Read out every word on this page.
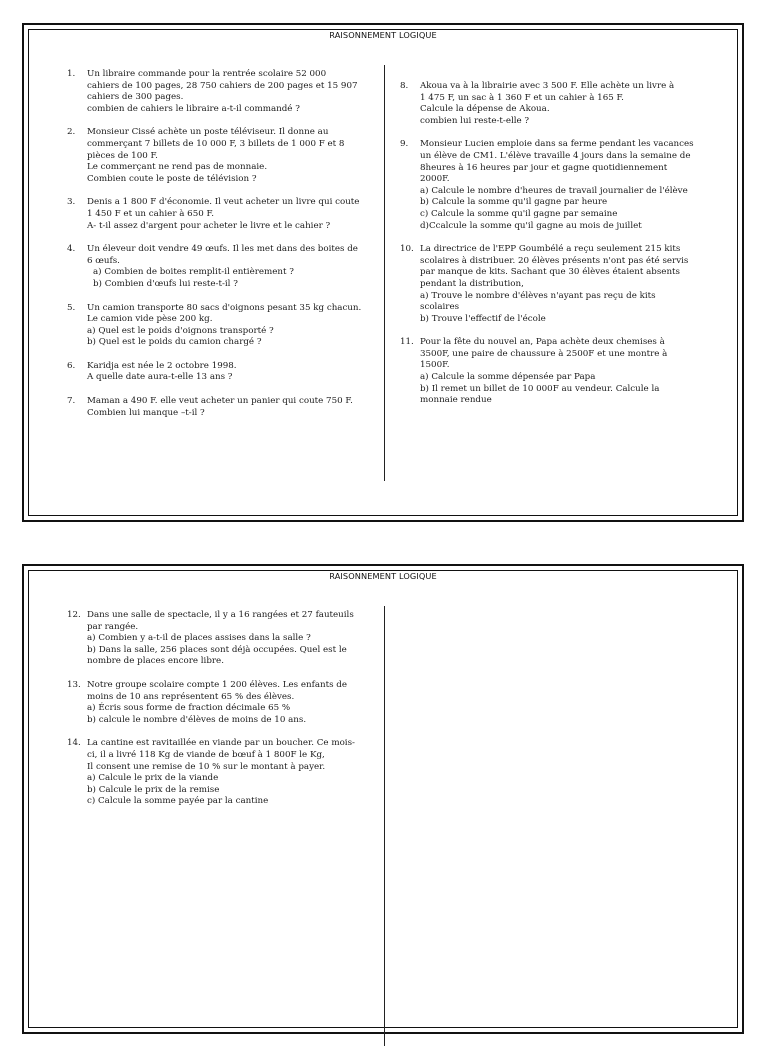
RAISONNEMENT LOGIQUE
1. Un libraire commande pour la rentrée scolaire 52 000
cahiers de 100 pages, 28 750 cahiers de 200 pages et 15 907
cahiers de 300 pages.
combien de cahiers le libraire a-t-il commandé ?
2. Monsieur Cissé achète un poste téléviseur. Il donne au
commerçant 7 billets de 10 000 F, 3 billets de 1 000 F et 8
pièces de 100 F.
Le commerçant ne rend pas de monnaie.
Combien coute le poste de télévision ?
3. Denis a 1 800 F d'économie. Il veut acheter un livre qui coute
1 450 F et un cahier à 650 F.
A- t-il assez d'argent pour acheter le livre et le cahier ?
4. Un éleveur doit vendre 49 œufs. Il les met dans des boites de
6 œufs.
a) Combien de boites remplit-il entièrement ?
b) Combien d'œufs lui reste-t-il ?
5. Un camion transporte 80 sacs d'oignons pesant 35 kg chacun.
Le camion vide pèse 200 kg.
a) Quel est le poids d'oignons transporté ?
b) Quel est le poids du camion chargé ?
6. Karidja est née le 2 octobre 1998.
A quelle date aura-t-elle 13 ans ?
7. Maman a 490 F. elle veut acheter un panier qui coute 750 F.
Combien lui manque –t-il ?
8. Akoua va à la librairie avec 3 500 F. Elle achète un livre à
1 475 F, un sac à 1 360 F et un cahier à 165 F.
Calcule la dépense de Akoua.
combien lui reste-t-elle ?
9. Monsieur Lucien emploie dans sa ferme pendant les vacances
un élève de CM1. L'élève travaille 4 jours dans la semaine de
8heures à 16 heures par jour et gagne quotidiennement
2000F.
a) Calcule le nombre d'heures de travail journalier de l'élève
b) Calcule la somme qu'il gagne par heure
c) Calcule la somme qu'il gagne par semaine
d)Ccalcule la somme qu'il gagne au mois de juillet
10. La directrice de l'EPP Goumbélé a reçu seulement 215 kits
scolaires à distribuer. 20 élèves présents n'ont pas été servis
par manque de kits. Sachant que 30 élèves étaient absents
pendant la distribution,
a) Trouve le nombre d'élèves n'ayant pas reçu de kits
scolaires
b) Trouve l'effectif de l'école
11. Pour la fête du nouvel an, Papa achète deux chemises à
3500F, une paire de chaussure à 2500F et une montre à
1500F.
a) Calcule la somme dépensée par Papa
b) Il remet un billet de 10 000F au vendeur. Calcule la
monnaie rendue
RAISONNEMENT LOGIQUE
12. Dans une salle de spectacle, il y a 16 rangées et 27 fauteuils
par rangée.
a) Combien y a-t-il de places assises dans la salle ?
b) Dans la salle, 256 places sont déjà occupées. Quel est le
nombre de places encore libre.
13. Notre groupe scolaire compte 1 200 élèves. Les enfants de
moins de 10 ans représentent 65 % des élèves.
a) Écris sous forme de fraction décimale 65 %
b) calcule le nombre d'élèves de moins de 10 ans.
14. La cantine est ravitaillée en viande par un boucher. Ce mois-
ci, il a livré 118 Kg de viande de bœuf à 1 800F le Kg,
Il consent une remise de 10 % sur le montant à payer.
a) Calcule le prix de la viande
b) Calcule le prix de la remise
c) Calcule la somme payée par la cantine
